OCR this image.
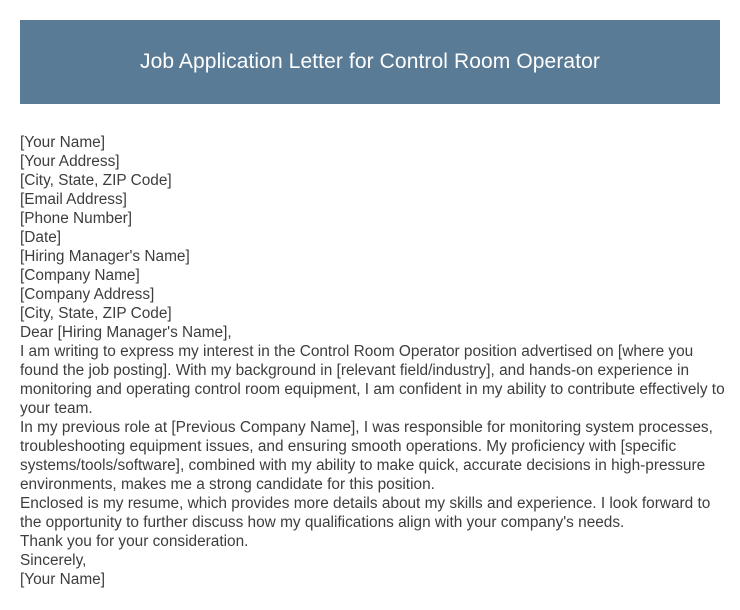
Job Application Letter for Control Room Operator

[Your Name]

[Your Address]

[City, State, ZIP Code]

[Email Address]

[Phone Number]

[Date]

[Hiring Manager's Name]

[Company Name]

[Company Address]

[City, State, ZIP Code]

Dear [Hiring Manager's Name],

I am writing to express my interest in the Control Room Operator position advertised on [where you found the job posting]. With my background in [relevant field/industry], and hands-on experience in monitoring and operating control room equipment, I am confident in my ability to contribute effectively to your team.

In my previous role at [Previous Company Name], I was responsible for monitoring system processes, troubleshooting equipment issues, and ensuring smooth operations. My proficiency with [specific systems/tools/software], combined with my ability to make quick, accurate decisions in high-pressure environments, makes me a strong candidate for this position.

Enclosed is my resume, which provides more details about my skills and experience. I look forward to the opportunity to further discuss how my qualifications align with your company's needs.

Thank you for your consideration.

Sincerely,

[Your Name]
